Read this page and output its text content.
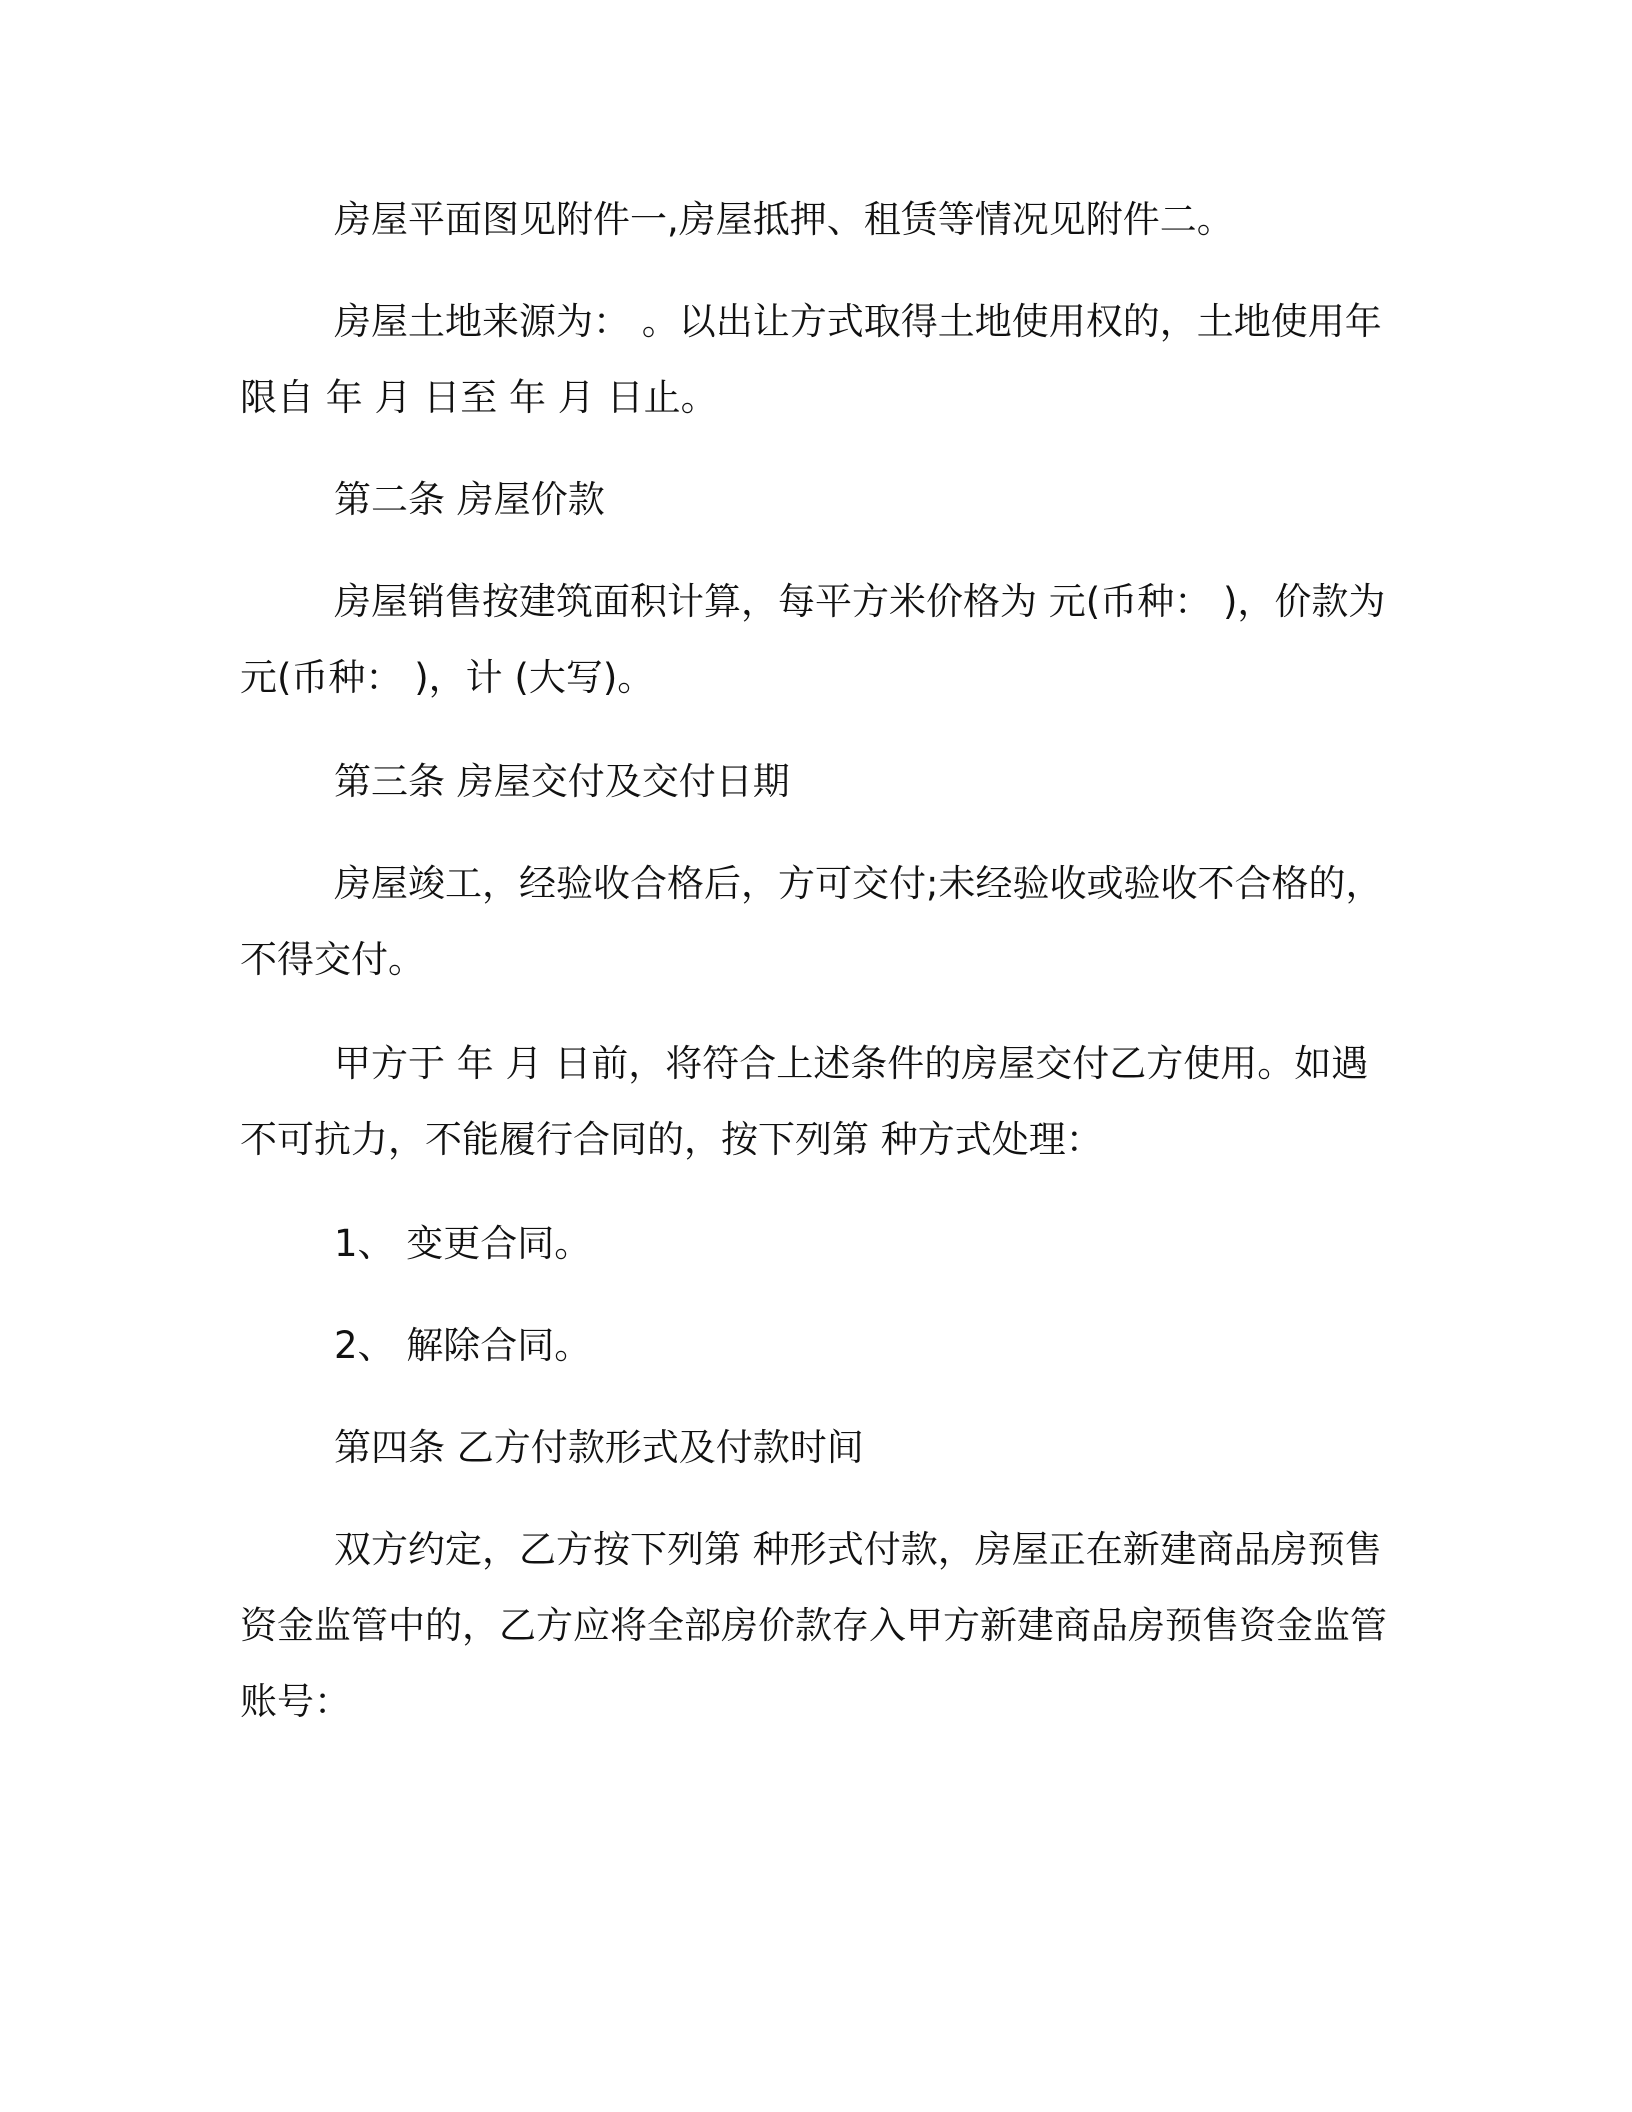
房屋平面图见附件一,房屋抵押、租赁等情况见附件二。

房屋土地来源为： 。以出让方式取得土地使用权的，土地使用年限自 年 月 日至 年 月 日止。

第二条 房屋价款

房屋销售按建筑面积计算，每平方米价格为 元(币种： )，价款为元(币种： )，计 (大写)。

第三条 房屋交付及交付日期

房屋竣工，经验收合格后，方可交付;未经验收或验收不合格的，不得交付。

甲方于 年 月 日前，将符合上述条件的房屋交付乙方使用。如遇不可抗力，不能履行合同的，按下列第 种方式处理：

1、 变更合同。

2、 解除合同。

第四条 乙方付款形式及付款时间

双方约定，乙方按下列第 种形式付款，房屋正在新建商品房预售资金监管中的，乙方应将全部房价款存入甲方新建商品房预售资金监管账号：
